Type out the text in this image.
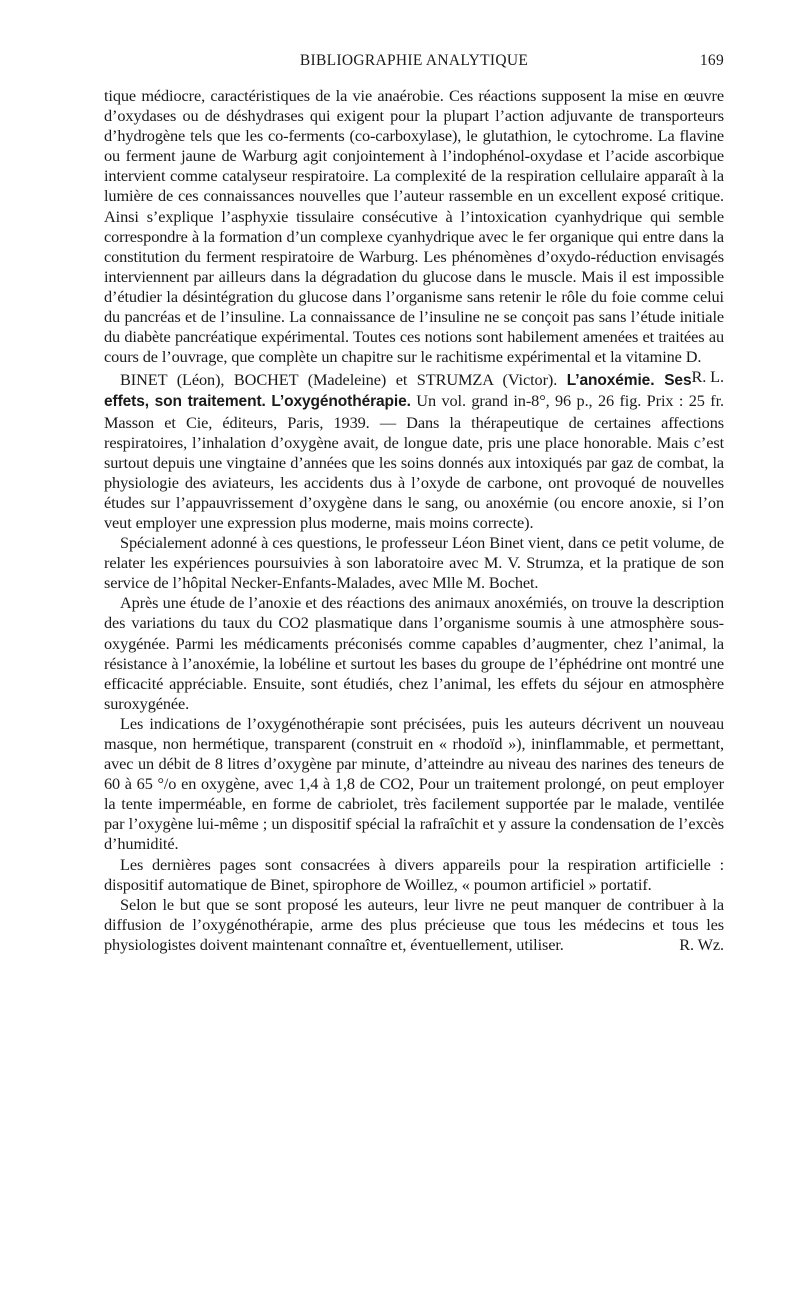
BIBLIOGRAPHIE ANALYTIQUE	169

tique médiocre, caractéristiques de la vie anaérobie. Ces réactions supposent la mise en œuvre d’oxydases ou de déshydrases qui exigent pour la plupart l’action adjuvante de transporteurs d’hydrogène tels que les co-ferments (co-carboxylase), le glutathion, le cytochrome. La flavine ou ferment jaune de Warburg agit conjointement à l’indophénol-oxydase et l’acide ascorbique intervient comme catalyseur respiratoire. La complexité de la respiration cellulaire apparaît à la lumière de ces connaissances nouvelles que l’auteur rassemble en un excellent exposé critique. Ainsi s’explique l’asphyxie tissulaire consécutive à l’intoxication cyanhydrique qui semble correspondre à la formation d’un complexe cyanhydrique avec le fer organique qui entre dans la constitution du ferment respiratoire de Warburg. Les phénomènes d’oxydo-réduction envisagés interviennent par ailleurs dans la dégradation du glucose dans le muscle. Mais il est impossible d’étudier la désintégration du glucose dans l’organisme sans retenir le rôle du foie comme celui du pancréas et de l’insuline. La connaissance de l’insuline ne se conçoit pas sans l’étude initiale du diabète pancréatique expérimental. Toutes ces notions sont habilement amenées et traitées au cours de l’ouvrage, que complète un chapitre sur le rachitisme expérimental et la vitamine D.
R. L.

BINET (Léon), BOCHET (Madeleine) et STRUMZA (Victor). L’anoxémie. Ses effets, son traitement. L’oxygénothérapie. Un vol. grand in-8°, 96 p., 26 fig. Prix : 25 fr. Masson et Cie, éditeurs, Paris, 1939. — Dans la thérapeutique de certaines affections respiratoires, l’inhalation d’oxygène avait, de longue date, pris une place honorable. Mais c’est surtout depuis une vingtaine d’années que les soins donnés aux intoxiqués par gaz de combat, la physiologie des aviateurs, les accidents dus à l’oxyde de carbone, ont provoqué de nouvelles études sur l’appauvrissement d’oxygène dans le sang, ou anoxémie (ou encore anoxie, si l’on veut employer une expression plus moderne, mais moins correcte).

Spécialement adonné à ces questions, le professeur Léon Binet vient, dans ce petit volume, de relater les expériences poursuivies à son laboratoire avec M. V. Strumza, et la pratique de son service de l’hôpital Necker-Enfants-Malades, avec Mlle M. Bochet.

Après une étude de l’anoxie et des réactions des animaux anoxémiés, on trouve la description des variations du taux du CO2 plasmatique dans l’organisme soumis à une atmosphère sous-oxygénée. Parmi les médicaments préconisés comme capables d’augmenter, chez l’animal, la résistance à l’anoxémie, la lobéline et surtout les bases du groupe de l’éphédrine ont montré une efficacité appréciable. Ensuite, sont étudiés, chez l’animal, les effets du séjour en atmosphère suroxygénée.

Les indications de l’oxygénothérapie sont précisées, puis les auteurs décrivent un nouveau masque, non hermétique, transparent (construit en « rhodoïd »), ininflammable, et permettant, avec un débit de 8 litres d’oxygène par minute, d’atteindre au niveau des narines des teneurs de 60 à 65 °/o en oxygène, avec 1,4 à 1,8 de CO2, Pour un traitement prolongé, on peut employer la tente imperméable, en forme de cabriolet, très facilement supportée par le malade, ventilée par l’oxygène lui-même ; un dispositif spécial la rafraîchit et y assure la condensation de l’excès d’humidité.

Les dernières pages sont consacrées à divers appareils pour la respiration artificielle : dispositif automatique de Binet, spirophore de Woillez, « poumon artificiel » portatif.

Selon le but que se sont proposé les auteurs, leur livre ne peut manquer de contribuer à la diffusion de l’oxygénothérapie, arme des plus précieuse que tous les médecins et tous les physiologistes doivent maintenant connaître et, éventuellement, utiliser.	R. Wz.
